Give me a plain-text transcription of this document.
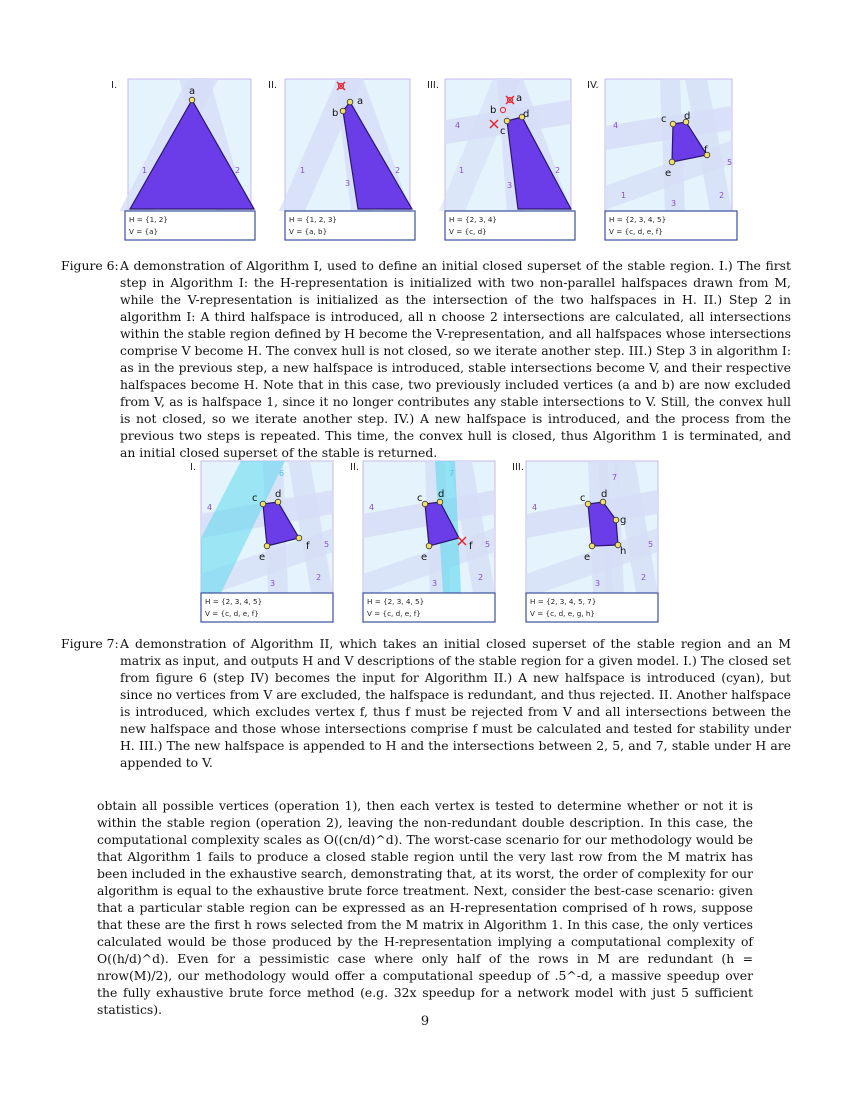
I.
a
1	2
H = {1, 2}
V = {a}
II.
a
b
1	2
3
H = {1, 2, 3}
V = {a, b}
III.
a
b
c
d
4
1	2
3
H = {2, 3, 4}
V = {c, d}
IV.
c d
e
f
4
5
1	2
3
H = {2, 3, 4, 5}
V = {c, d, e, f}
Figure 6: A demonstration of Algorithm I, used to define an initial closed superset of the stable region. I.) The first step in Algorithm I: the H-representation is initialized with two non-parallel halfspaces drawn from M, while the V-representation is initialized as the intersection of the two halfspaces in H. II.) Step 2 in algorithm I: A third halfspace is introduced, all n choose 2 intersections are calculated, all intersections within the stable region defined by H become the V-representation, and all halfspaces whose intersections comprise V become H. The convex hull is not closed, so we iterate another step. III.) Step 3 in algorithm I: as in the previous step, a new halfspace is introduced, stable intersections become V, and their respective halfspaces become H. Note that in this case, two previously included vertices (a and b) are now excluded from V, as is halfspace 1, since it no longer contributes any stable intersections to V. Still, the convex hull is not closed, so we iterate another step. IV.) A new halfspace is introduced, and the process from the previous two steps is repeated. This time, the convex hull is closed, thus Algorithm 1 is terminated, and an initial closed superset of the stable is returned.
I.
c d
e
f
6
4
5
2
3
H = {2, 3, 4, 5}
V = {c, d, e, f}
II.
c d
e
f
7
4
5
2
3
H = {2, 3, 4, 5}
V = {c, d, e, f}
III.
c d
g
e
h
7
4
5
2
3
H = {2, 3, 4, 5, 7}
V = {c, d, e, g, h}
Figure 7: A demonstration of Algorithm II, which takes an initial closed superset of the stable region and an M matrix as input, and outputs H and V descriptions of the stable region for a given model. I.) The closed set from figure 6 (step IV) becomes the input for Algorithm II.) A new halfspace is introduced (cyan), but since no vertices from V are excluded, the halfspace is redundant, and thus rejected. II. Another halfspace is introduced, which excludes vertex f, thus f must be rejected from V and all intersections between the new halfspace and those whose intersections comprise f must be calculated and tested for stability under H. III.) The new halfspace is appended to H and the intersections between 2, 5, and 7, stable under H are appended to V.
obtain all possible vertices (operation 1), then each vertex is tested to determine whether or not it is within the stable region (operation 2), leaving the non-redundant double description. In this case, the computational complexity scales as O((cn/d)^d). The worst-case scenario for our methodology would be that Algorithm 1 fails to produce a closed stable region until the very last row from the M matrix has been included in the exhaustive search, demonstrating that, at its worst, the order of complexity for our algorithm is equal to the exhaustive brute force treatment. Next, consider the best-case scenario: given that a particular stable region can be expressed as an H-representation comprised of h rows, suppose that these are the first h rows selected from the M matrix in Algorithm 1. In this case, the only vertices calculated would be those produced by the H-representation implying a computational complexity of O((h/d)^d). Even for a pessimistic case where only half of the rows in M are redundant (h = nrow(M)/2), our methodology would offer a computational speedup of .5^-d, a massive speedup over the fully exhaustive brute force method (e.g. 32x speedup for a network model with just 5 sufficient statistics).
9
